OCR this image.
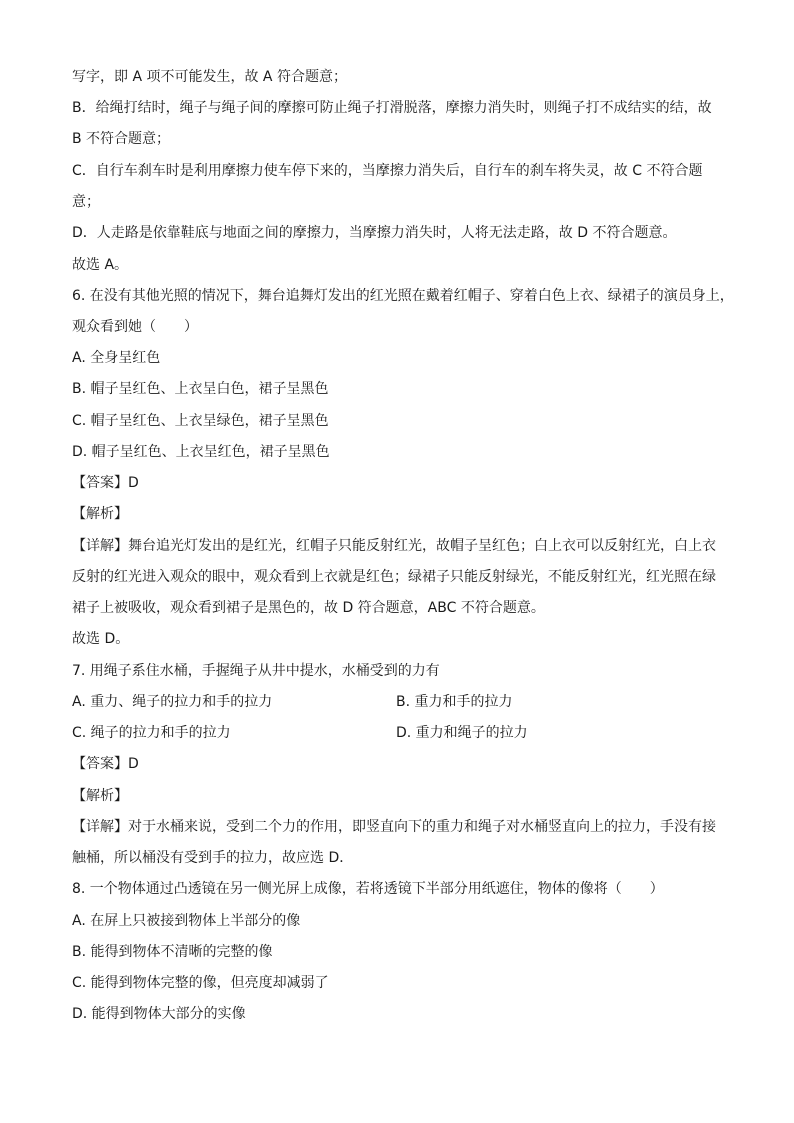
写字，即 A 项不可能发生，故 A 符合题意；
B．给绳打结时，绳子与绳子间的摩擦可防止绳子打滑脱落，摩擦力消失时，则绳子打不成结实的结，故
B 不符合题意；
C．自行车刹车时是利用摩擦力使车停下来的，当摩擦力消失后，自行车的刹车将失灵，故 C 不符合题
意；
D．人走路是依靠鞋底与地面之间的摩擦力，当摩擦力消失时，人将无法走路，故 D 不符合题意。
故选 A。
6. 在没有其他光照的情况下，舞台追舞灯发出的红光照在戴着红帽子、穿着白色上衣、绿裙子的演员身上，
观众看到她（　　）
A. 全身呈红色
B. 帽子呈红色、上衣呈白色，裙子呈黑色
C. 帽子呈红色、上衣呈绿色，裙子呈黑色
D. 帽子呈红色、上衣呈红色，裙子呈黑色
【答案】D
【解析】
【详解】舞台追光灯发出的是红光，红帽子只能反射红光，故帽子呈红色；白上衣可以反射红光，白上衣
反射的红光进入观众的眼中，观众看到上衣就是红色；绿裙子只能反射绿光，不能反射红光，红光照在绿
裙子上被吸收，观众看到裙子是黑色的，故 D 符合题意，ABC 不符合题意。
故选 D。
7. 用绳子系住水桶，手握绳子从井中提水，水桶受到的力有
A. 重力、绳子的拉力和手的拉力	B. 重力和手的拉力
C. 绳子的拉力和手的拉力	D. 重力和绳子的拉力
【答案】D
【解析】
【详解】对于水桶来说，受到二个力的作用，即竖直向下的重力和绳子对水桶竖直向上的拉力，手没有接
触桶，所以桶没有受到手的拉力，故应选 D．
8. 一个物体通过凸透镜在另一侧光屏上成像，若将透镜下半部分用纸遮住，物体的像将（　　）
A. 在屏上只被接到物体上半部分的像
B. 能得到物体不清晰的完整的像
C. 能得到物体完整的像，但亮度却减弱了
D. 能得到物体大部分的实像
